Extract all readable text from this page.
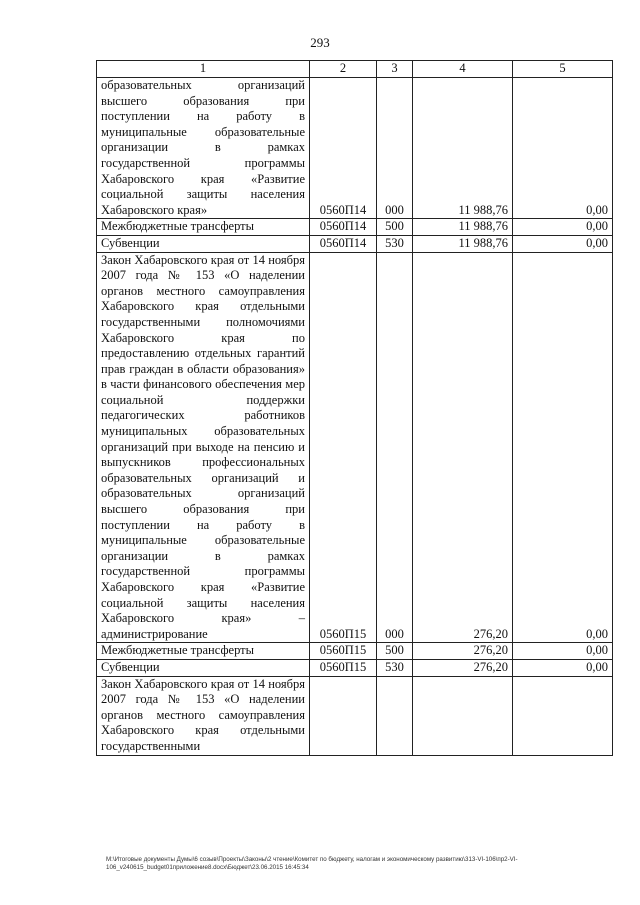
293
1	2	3	4	5
образовательных организаций высшего образования при поступлении на работу в муниципальные образовательные организации в рамках государственной программы Хабаровского края «Развитие социальной защиты населения Хабаровского края»	0560П14	000	11 988,76	0,00
Межбюджетные трансферты	0560П14	500	11 988,76	0,00
Субвенции	0560П14	530	11 988,76	0,00
Закон Хабаровского края от 14 ноября 2007 года № 153 «О наделении органов местного самоуправления Хабаровского края отдельными государственными полномочиями Хабаровского края по предоставлению отдельных гарантий прав граждан в области образования» в части финансового обеспечения мер социальной поддержки педагогических работников муниципальных образовательных организаций при выходе на пенсию и выпускников профессиональных образовательных организаций и образовательных организаций высшего образования при поступлении на работу в муниципальные образовательные организации в рамках государственной программы Хабаровского края «Развитие социальной защиты населения Хабаровского края» – администрирование	0560П15	000	276,20	0,00
Межбюджетные трансферты	0560П15	500	276,20	0,00
Субвенции	0560П15	530	276,20	0,00
Закон Хабаровского края от 14 ноября 2007 года № 153 «О наделении органов местного самоуправления Хабаровского края отдельными государственными				
M:\Итоговые документы Думы\6 созыв\Проекты\Законы\2 чтение\Комитет по бюджету, налогам и экономическому развитию\313-VI-106\пр2-VI-106_v240615_budget01приложение8.docx\Бюджет\23.06.2015 16:45:34
